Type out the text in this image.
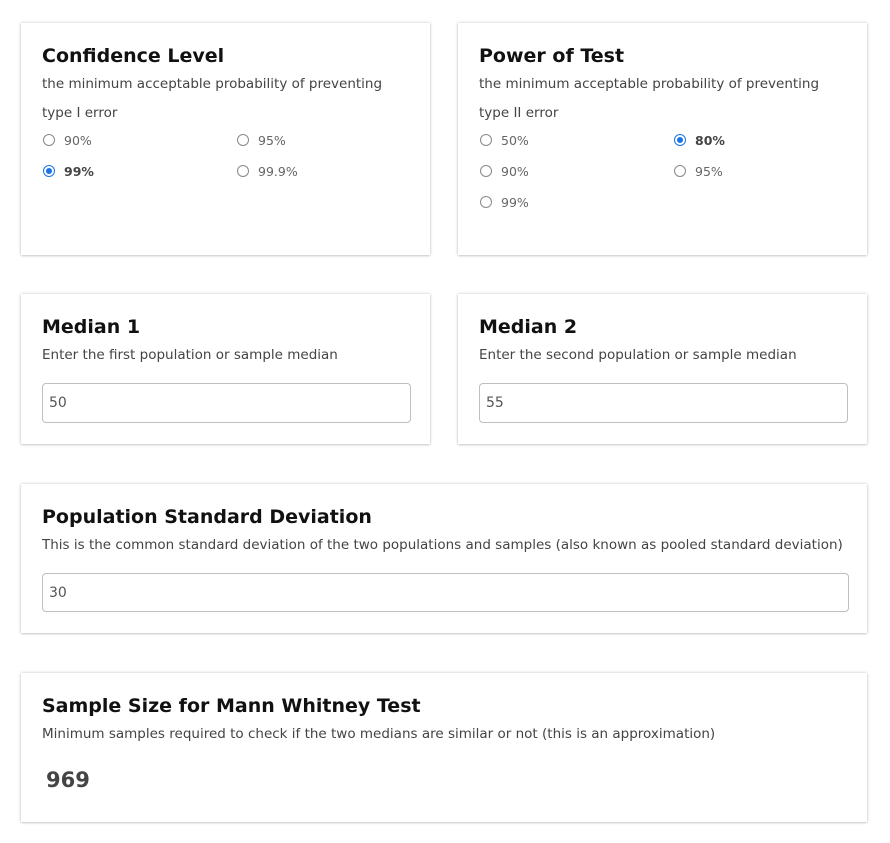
Confidence Level
the minimum acceptable probability of preventing type I error
90%	95%
99%	99.9%
Power of Test
the minimum acceptable probability of preventing type II error
50%	80%
90%	95%
99%
Median 1
Enter the first population or sample median
50
Median 2
Enter the second population or sample median
55
Population Standard Deviation
This is the common standard deviation of the two populations and samples (also known as pooled standard deviation)
30
Sample Size for Mann Whitney Test
Minimum samples required to check if the two medians are similar or not (this is an approximation)
969
